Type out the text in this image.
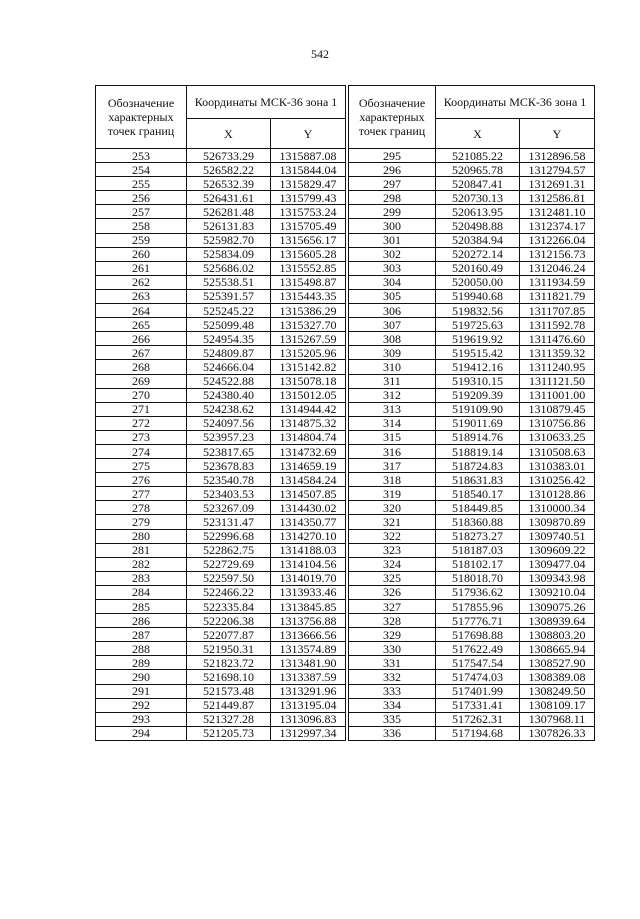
542
Обозначение характерных точек границ	Координаты МСК-36 зона 1	
	X	Y
253	526733.29	1315887.08
254	526582.22	1315844.04
255	526532.39	1315829.47
256	526431.61	1315799.43
257	526281.48	1315753.24
258	526131.83	1315705.49
259	525982.70	1315656.17
260	525834.09	1315605.28
261	525686.02	1315552.85
262	525538.51	1315498.87
263	525391.57	1315443.35
264	525245.22	1315386.29
265	525099.48	1315327.70
266	524954.35	1315267.59
267	524809.87	1315205.96
268	524666.04	1315142.82
269	524522.88	1315078.18
270	524380.40	1315012.05
271	524238.62	1314944.42
272	524097.56	1314875.32
273	523957.23	1314804.74
274	523817.65	1314732.69
275	523678.83	1314659.19
276	523540.78	1314584.24
277	523403.53	1314507.85
278	523267.09	1314430.02
279	523131.47	1314350.77
280	522996.68	1314270.10
281	522862.75	1314188.03
282	522729.69	1314104.56
283	522597.50	1314019.70
284	522466.22	1313933.46
285	522335.84	1313845.85
286	522206.38	1313756.88
287	522077.87	1313666.56
288	521950.31	1313574.89
289	521823.72	1313481.90
290	521698.10	1313387.59
291	521573.48	1313291.96
292	521449.87	1313195.04
293	521327.28	1313096.83
294	521205.73	1312997.34
Обозначение характерных точек границ	Координаты МСК-36 зона 1	
	X	Y
295	521085.22	1312896.58
296	520965.78	1312794.57
297	520847.41	1312691.31
298	520730.13	1312586.81
299	520613.95	1312481.10
300	520498.88	1312374.17
301	520384.94	1312266.04
302	520272.14	1312156.73
303	520160.49	1312046.24
304	520050.00	1311934.59
305	519940.68	1311821.79
306	519832.56	1311707.85
307	519725.63	1311592.78
308	519619.92	1311476.60
309	519515.42	1311359.32
310	519412.16	1311240.95
311	519310.15	1311121.50
312	519209.39	1311001.00
313	519109.90	1310879.45
314	519011.69	1310756.86
315	518914.76	1310633.25
316	518819.14	1310508.63
317	518724.83	1310383.01
318	518631.83	1310256.42
319	518540.17	1310128.86
320	518449.85	1310000.34
321	518360.88	1309870.89
322	518273.27	1309740.51
323	518187.03	1309609.22
324	518102.17	1309477.04
325	518018.70	1309343.98
326	517936.62	1309210.04
327	517855.96	1309075.26
328	517776.71	1308939.64
329	517698.88	1308803.20
330	517622.49	1308665.94
331	517547.54	1308527.90
332	517474.03	1308389.08
333	517401.99	1308249.50
334	517331.41	1308109.17
335	517262.31	1307968.11
336	517194.68	1307826.33
